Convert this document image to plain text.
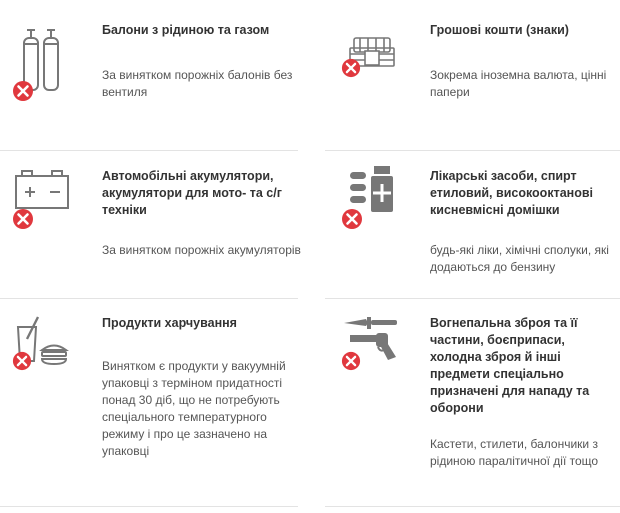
Балони з рідиною та газом

За винятком порожніх балонів без вентиля

Грошові кошти (знаки)

Зокрема іноземна валюта, цінні папери

Автомобільні акумулятори, акумулятори для мото- та с/г техніки

За винятком порожніх акумуляторів

Лікарські засоби, спирт етиловий, високооктанові кисневмісні домішки

будь-які ліки, хімічні сполуки, які додаються до бензину

Продукти харчування

Винятком є продукти у вакуумній упаковці з терміном придатності понад 30 діб, що не потребують спеціального температурного режиму і про це зазначено на упаковці

Вогнепальна зброя та її частини, боєприпаси, холодна зброя й інші предмети спеціально призначені для нападу та оборони

Кастети, стилети, балончики з рідиною паралітичної дії тощо
